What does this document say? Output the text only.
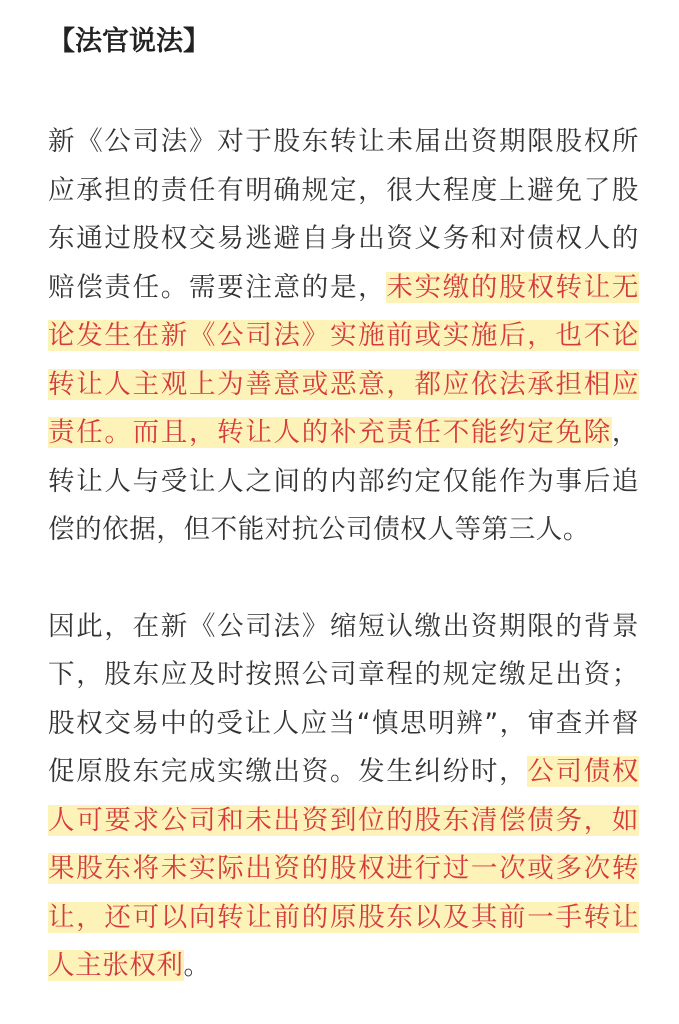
【法官说法】

新《公司法》对于股东转让未届出资期限股权所应承担的责任有明确规定，很大程度上避免了股东通过股权交易逃避自身出资义务和对债权人的赔偿责任。需要注意的是，未实缴的股权转让无论发生在新《公司法》实施前或实施后，也不论转让人主观上为善意或恶意，都应依法承担相应责任。而且，转让人的补充责任不能约定免除，转让人与受让人之间的内部约定仅能作为事后追偿的依据，但不能对抗公司债权人等第三人。

因此，在新《公司法》缩短认缴出资期限的背景下，股东应及时按照公司章程的规定缴足出资；股权交易中的受让人应当“慎思明辨”，审查并督促原股东完成实缴出资。发生纠纷时，公司债权人可要求公司和未出资到位的股东清偿债务，如果股东将未实际出资的股权进行过一次或多次转让，还可以向转让前的原股东以及其前一手转让人主张权利。
